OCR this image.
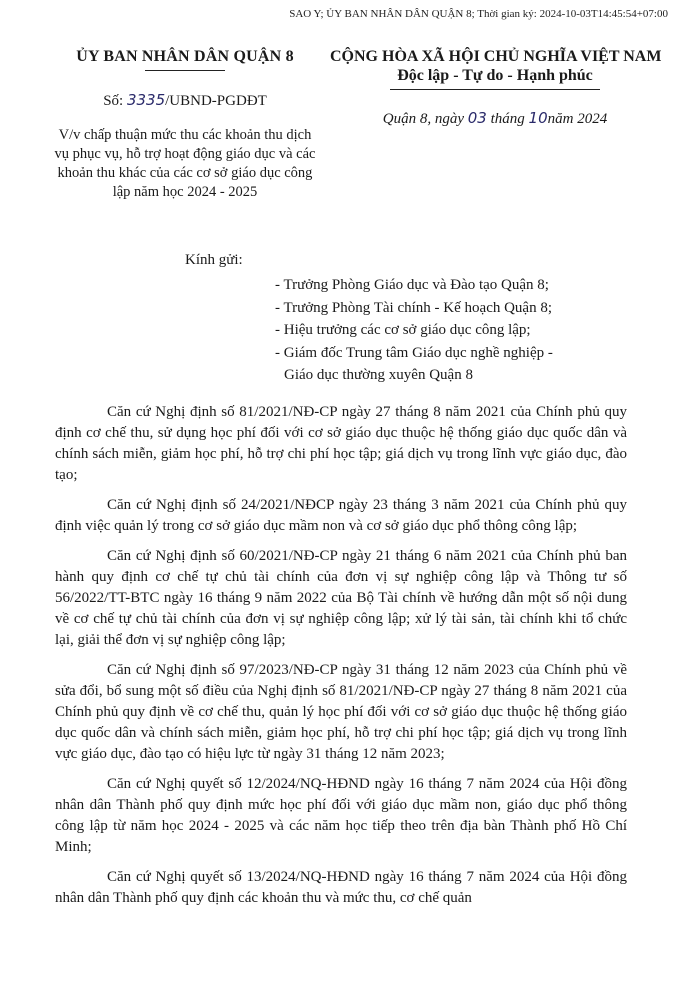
SAO Y; ỦY BAN NHÂN DÂN QUẬN 8; Thời gian ký: 2024-10-03T14:45:54+07:00
ỦY BAN NHÂN DÂN QUẬN 8
Số: 3335/UBND-PGDĐT
V/v chấp thuận mức thu các khoản thu dịch vụ phục vụ, hỗ trợ hoạt động giáo dục và các khoản thu khác của các cơ sở giáo dục công lập năm học 2024 - 2025
CỘNG HÒA XÃ HỘI CHỦ NGHĨA VIỆT NAM
Độc lập - Tự do - Hạnh phúc
Quận 8, ngày 03 tháng 10năm 2024
Kính gửi:
- Trưởng Phòng Giáo dục và Đào tạo Quận 8;
- Trưởng Phòng Tài chính - Kế hoạch Quận 8;
- Hiệu trưởng các cơ sở giáo dục công lập;
- Giám đốc Trung tâm Giáo dục nghề nghiệp -
Giáo dục thường xuyên Quận 8

Căn cứ Nghị định số 81/2021/NĐ-CP ngày 27 tháng 8 năm 2021 của Chính phủ quy định cơ chế thu, sử dụng học phí đối với cơ sở giáo dục thuộc hệ thống giáo dục quốc dân và chính sách miễn, giảm học phí, hỗ trợ chi phí học tập; giá dịch vụ trong lĩnh vực giáo dục, đào tạo;

Căn cứ Nghị định số 24/2021/NĐCP ngày 23 tháng 3 năm 2021 của Chính phủ quy định việc quản lý trong cơ sở giáo dục mầm non và cơ sở giáo dục phổ thông công lập;

Căn cứ Nghị định số 60/2021/NĐ-CP ngày 21 tháng 6 năm 2021 của Chính phủ ban hành quy định cơ chế tự chủ tài chính của đơn vị sự nghiệp công lập và Thông tư số 56/2022/TT-BTC ngày 16 tháng 9 năm 2022 của Bộ Tài chính về hướng dẫn một số nội dung về cơ chế tự chủ tài chính của đơn vị sự nghiệp công lập; xử lý tài sản, tài chính khi tổ chức lại, giải thể đơn vị sự nghiệp công lập;

Căn cứ Nghị định số 97/2023/NĐ-CP ngày 31 tháng 12 năm 2023 của Chính phủ về sửa đổi, bổ sung một số điều của Nghị định số 81/2021/NĐ-CP ngày 27 tháng 8 năm 2021 của Chính phủ quy định về cơ chế thu, quản lý học phí đối với cơ sở giáo dục thuộc hệ thống giáo dục quốc dân và chính sách miễn, giảm học phí, hỗ trợ chi phí học tập; giá dịch vụ trong lĩnh vực giáo dục, đào tạo có hiệu lực từ ngày 31 tháng 12 năm 2023;

Căn cứ Nghị quyết số 12/2024/NQ-HĐND ngày 16 tháng 7 năm 2024 của Hội đồng nhân dân Thành phố quy định mức học phí đối với giáo dục mầm non, giáo dục phổ thông công lập từ năm học 2024 - 2025 và các năm học tiếp theo trên địa bàn Thành phố Hồ Chí Minh;

Căn cứ Nghị quyết số 13/2024/NQ-HĐND ngày 16 tháng 7 năm 2024 của Hội đồng nhân dân Thành phố quy định các khoản thu và mức thu, cơ chế quản
